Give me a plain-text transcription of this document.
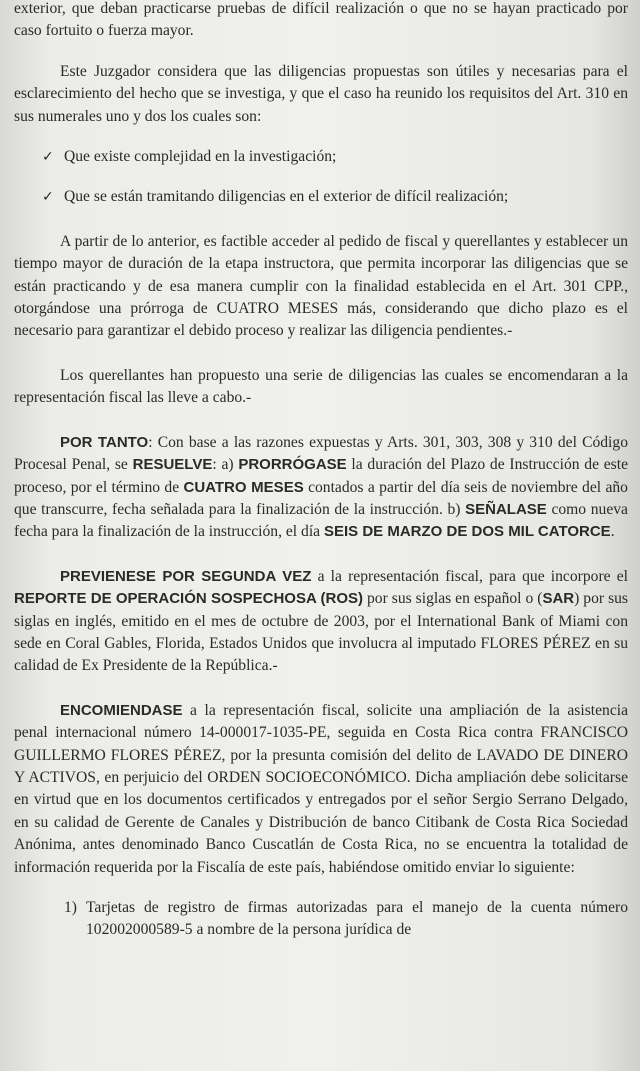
exterior, que deban practicarse pruebas de difícil realización o que no se hayan practicado por caso fortuito o fuerza mayor.

Este Juzgador considera que las diligencias propuestas son útiles y necesarias para el esclarecimiento del hecho que se investiga, y que el caso ha reunido los requisitos del Art. 310 en sus numerales uno y dos los cuales son:

✓ Que existe complejidad en la investigación;
✓ Que se están tramitando diligencias en el exterior de difícil realización;

A partir de lo anterior, es factible acceder al pedido de fiscal y querellantes y establecer un tiempo mayor de duración de la etapa instructora, que permita incorporar las diligencias que se están practicando y de esa manera cumplir con la finalidad establecida en el Art. 301 CPP., otorgándose una prórroga de CUATRO MESES más, considerando que dicho plazo es el necesario para garantizar el debido proceso y realizar las diligencia pendientes.-

Los querellantes han propuesto una serie de diligencias las cuales se encomendaran a la representación fiscal las lleve a cabo.-

POR TANTO: Con base a las razones expuestas y Arts. 301, 303, 308 y 310 del Código Procesal Penal, se RESUELVE: a) PRORRÓGASE la duración del Plazo de Instrucción de este proceso, por el término de CUATRO MESES contados a partir del día seis de noviembre del año que transcurre, fecha señalada para la finalización de la instrucción. b) SEÑALASE como nueva fecha para la finalización de la instrucción, el día SEIS DE MARZO DE DOS MIL CATORCE.

PREVIENESE POR SEGUNDA VEZ a la representación fiscal, para que incorpore el REPORTE DE OPERACIÓN SOSPECHOSA (ROS) por sus siglas en español o (SAR) por sus siglas en inglés, emitido en el mes de octubre de 2003, por el International Bank of Miami con sede en Coral Gables, Florida, Estados Unidos que involucra al imputado FLORES PÉREZ en su calidad de Ex Presidente de la República.-

ENCOMIENDASE a la representación fiscal, solicite una ampliación de la asistencia penal internacional número 14-000017-1035-PE, seguida en Costa Rica contra FRANCISCO GUILLERMO FLORES PÉREZ, por la presunta comisión del delito de LAVADO DE DINERO Y ACTIVOS, en perjuicio del ORDEN SOCIOECONÓMICO. Dicha ampliación debe solicitarse en virtud que en los documentos certificados y entregados por el señor Sergio Serrano Delgado, en su calidad de Gerente de Canales y Distribución de banco Citibank de Costa Rica Sociedad Anónima, antes denominado Banco Cuscatlán de Costa Rica, no se encuentra la totalidad de información requerida por la Fiscalía de este país, habiéndose omitido enviar lo siguiente:

1) Tarjetas de registro de firmas autorizadas para el manejo de la cuenta número 102002000589-5 a nombre de la persona jurídica de
